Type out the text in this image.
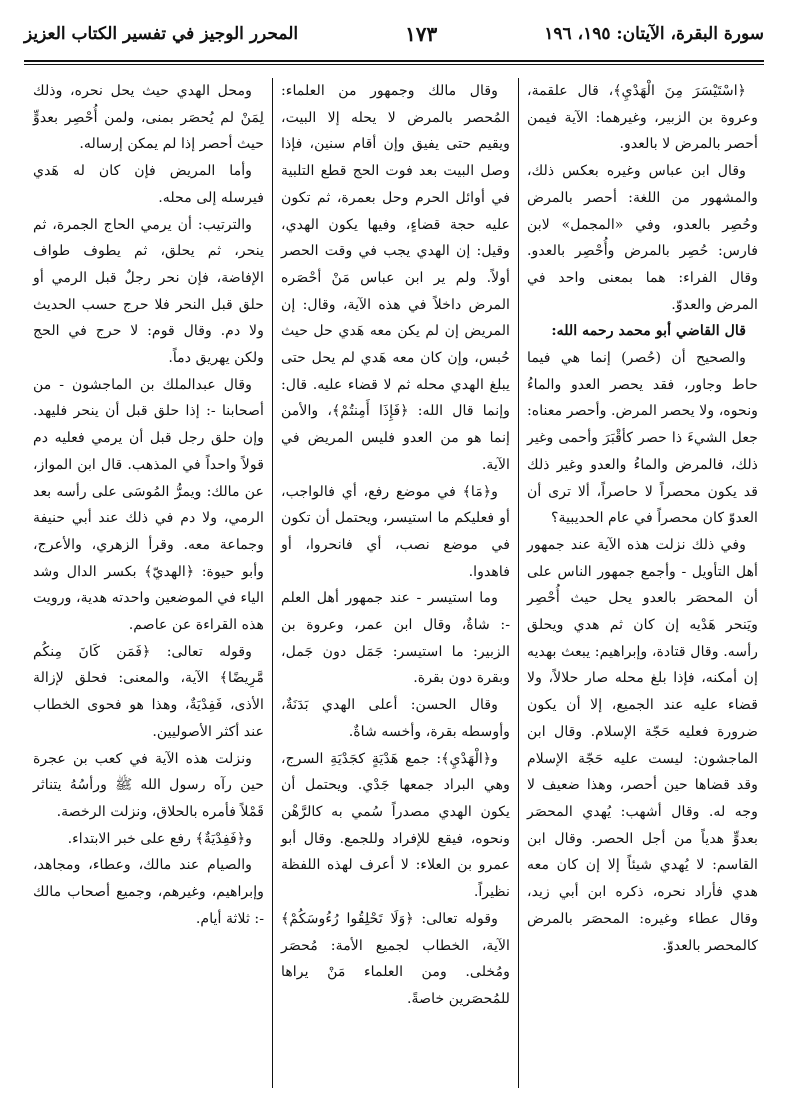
سورة البقرة، الآيتان: ١٩٥، ١٩٦
١٧٣
المحرر الوجيز في تفسير الكتاب العزيز

﴿اسْتَيْسَرَ مِنَ الْهَدْيِ﴾، قال علقمة، وعروة بن الزبير، وغيرهما: الآية فيمن أحصر بالمرض لا بالعدو.

وقال ابن عباس وغيره بعكس ذلك، والمشهور من اللغة: أحصر بالمرض وحُصِر بالعدو، وفي «المجمل» لابن فارس: حُصِر بالمرض وأُحْصِر بالعدو. وقال الفراء: هما بمعنى واحد في المرض والعدوّ.

قال القاضي أبو محمد رحمه الله:

والصحيح أن (حُصر) إنما هي فيما حاط وجاور، فقد يحصر العدو والماءُ ونحوه، ولا يحصر المرض. وأحصر معناه: جعل الشيءَ ذا حصر كأقْبَرَ وأحمى وغير ذلك، فالمرض والماءُ والعدو وغير ذلك قد يكون محصراً لا حاصراً، ألا ترى أن العدوّ كان محصراً في عام الحديبية؟

وفي ذلك نزلت هذه الآية عند جمهور أهل التأويل - وأجمع جمهور الناس على أن المحصَر بالعدو يحل حيث أُحْصِر ويَنحر هَدْيه إن كان ثم هدي ويحلق رأسه. وقال قتادة، وإبراهيم: يبعث بهديه إن أمكنه، فإذا بلغ محله صار حلالاً، ولا قضاء عليه عند الجميع، إلا أن يكون ضرورة فعليه حَجّة الإسلام. وقال ابن الماجشون: ليست عليه حَجّة الإسلام وقد قضاها حين أحصر، وهذا ضعيف لا وجه له. وقال أشهب: يُهدي المحصَر بعدوٍّ هدياً من أجل الحصر. وقال ابن القاسم: لا يُهدي شيئاً إلا إن كان معه هدي فأراد نحره، ذكره ابن أبي زيد، وقال عطاء وغيره: المحصَر بالمرض كالمحصر بالعدوّ.

وقال مالك وجمهور من العلماء: المُحصر بالمرض لا يحله إلا البيت، ويقيم حتى يفيق وإن أقام سنين، فإذا وصل البيت بعد فوت الحج قطع التلبية في أوائل الحرم وحل بعمرة، ثم تكون عليه حجة قضاءٍ، وفيها يكون الهدي، وقيل: إن الهدي يجب في وقت الحصر أولاً. ولم ير ابن عباس مَنْ أحْصَره المرض داخلاً في هذه الآية، وقال: إن المريض إن لم يكن معه هَدي حل حيث حُبس، وإن كان معه هَدي لم يحل حتى يبلغ الهدي محله ثم لا قضاء عليه. قال: وإنما قال الله: ﴿فَإِذَا أَمِنتُمْ﴾، والأمن إنما هو من العدو فليس المريض في الآية.

و﴿مَا﴾ في موضع رفع، أي فالواجب، أو فعليكم ما استيسر، ويحتمل أن تكون في موضع نصب، أي فانحروا، أو فاهدوا.

وما استيسر - عند جمهور أهل العلم -: شاةٌ، وقال ابن عمر، وعروة بن الزبير: ما استيسر: جَمَل دون جَمل، وبقرة دون بقرة.

وقال الحسن: أعلى الهدي بَدَنَةٌ، وأوسطه بقرة، وأخسه شاةٌ.

و﴿الْهَدْيِ﴾: جمع هَدْيَةٍ كجَدْيَةِ السرج، وهي البراد جمعها جَدْي. ويحتمل أن يكون الهدي مصدراً سُمي به كالرَّهْن ونحوه، فيقع للإفراد وللجمع. وقال أبو عمرو بن العلاء: لا أعرف لهذه اللفظة نظيراً.

وقوله تعالى: ﴿وَلَا تَحْلِقُوا رُءُوسَكُمْ﴾ الآية، الخطاب لجميع الأمة: مُحصَر ومُخلى. ومن العلماء مَنْ يراها للمُحصَرين خاصةً.

ومحل الهدي حيث يحل نحره، وذلك لِمَنْ لم يُحصَر بمنى، ولمن أُحْصِر بعدوٍّ حيث أحصر إذا لم يمكن إرساله.

وأما المريض فإن كان له هَدي فيرسله إلى محله.

والترتيب: أن يرمي الحاج الجمرة، ثم ينحر، ثم يحلق، ثم يطوف طواف الإفاضة، فإن نحر رجلٌ قبل الرمي أو حلق قبل النحر فلا حرج حسب الحديث ولا دم. وقال قوم: لا حرج في الحج ولكن يهريق دماً.

وقال عبدالملك بن الماجشون - من أصحابنا -: إذا حلق قبل أن ينحر فليهد. وإن حلق رجل قبل أن يرمي فعليه دم قولاً واحداً في المذهب. قال ابن المواز، عن مالك: ويمرُّ المُوسَى على رأسه بعد الرمي، ولا دم في ذلك عند أبي حنيفة وجماعة معه. وقرأ الزهري، والأعرج، وأبو حيوة: ﴿الهديّ﴾ بكسر الدال وشد الياء في الموضعين واحدته هدية، ورويت هذه القراءة عن عاصم.

وقوله تعالى: ﴿فَمَن كَانَ مِنكُم مَّرِيضًا﴾ الآية، والمعنى: فحلق لإزالة الأذى، فَفِدْيَةٌ، وهذا هو فحوى الخطاب عند أكثر الأصوليين.

ونزلت هذه الآية في كعب بن عجرة حين رآه رسول الله ﷺ ورأسُهُ يتناثر قَمْلاً فأمره بالحلاق، ونزلت الرخصة.

و﴿فَفِدْيَةٌ﴾ رفع على خبر الابتداء.

والصيام عند مالك، وعطاء، ومجاهد، وإبراهيم، وغيرهم، وجميع أصحاب مالك -: ثلاثة أيام.
